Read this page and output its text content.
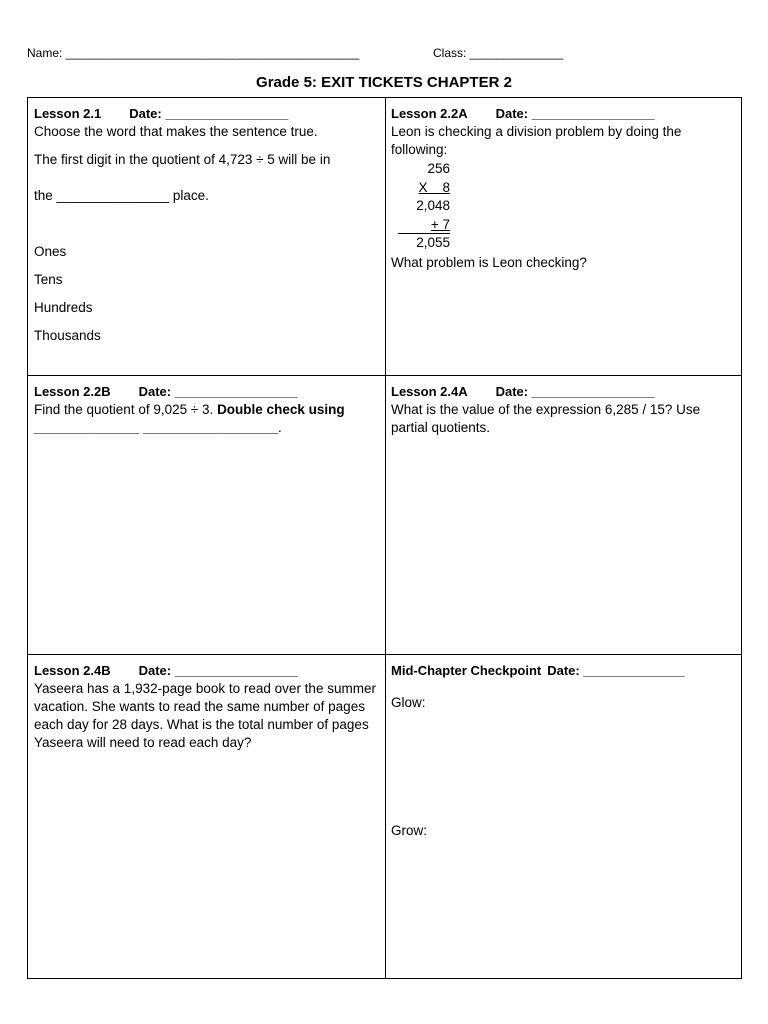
Name: ____________________________________________	Class: ______________
Grade 5: EXIT TICKETS CHAPTER 2
Lesson 2.1 Date: _________________

Choose the word that makes the sentence true.

The first digit in the quotient of 4,723 ÷ 5 will be in

the _______________ place.

Ones

Tens

Hundreds

Thousands

Lesson 2.2A Date: _________________

Leon is checking a division problem by doing the following:

256
X    8
2,048
+ 7
2,055

What problem is Leon checking?

Lesson 2.2B Date: _________________

Find the quotient of 9,025 ÷ 3. Double check using ______________ __________________.

Lesson 2.4A Date: _________________

What is the value of the expression 6,285 / 15? Use partial quotients.

Lesson 2.4B Date: _________________

Yaseera has a 1,932-page book to read over the summer vacation. She wants to read the same number of pages each day for 28 days. What is the total number of pages Yaseera will need to read each day?

Mid-Chapter Checkpoint Date: ______________

Glow:

Grow:
